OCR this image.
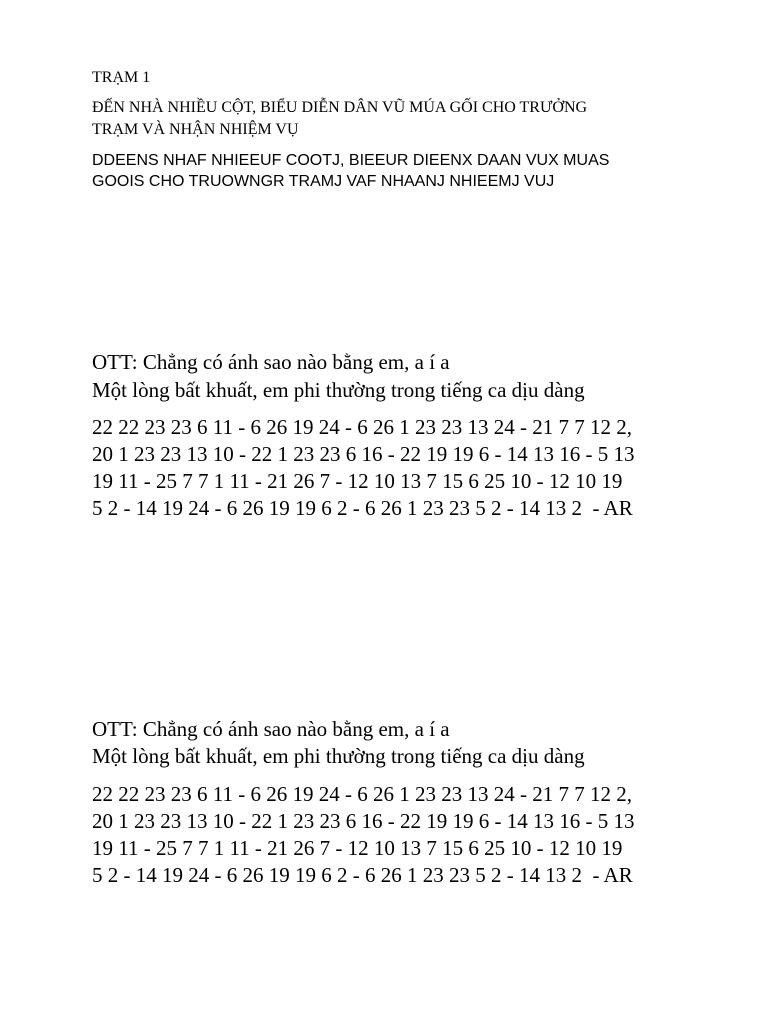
TRẠM 1
ĐẾN NHÀ NHIỀU CỘT, BIỂU DIỄN DÂN VŨ MÚA GỐI CHO TRƯỞNG
TRẠM VÀ NHẬN NHIỆM VỤ
DDEENS NHAF NHIEEUF COOTJ, BIEEUR DIEENX DAAN VUX MUAS
GOOIS CHO TRUOWNGR TRAMJ VAF NHAANJ NHIEEMJ VUJ
OTT: Chẳng có ánh sao nào bằng em, a í a
Một lòng bất khuất, em phi thường trong tiếng ca dịu dàng
22 22 23 23 6 11 - 6 26 19 24 - 6 26 1 23 23 13 24 - 21 7 7 12 2,
20 1 23 23 13 10 - 22 1 23 23 6 16 - 22 19 19 6 - 14 13 16 - 5 13
19 11 - 25 7 7 1 11 - 21 26 7 - 12 10 13 7 15 6 25 10 - 12 10 19
5 2 - 14 19 24 - 6 26 19 19 6 2 - 6 26 1 23 23 5 2 - 14 13 2  - AR
OTT: Chẳng có ánh sao nào bằng em, a í a
Một lòng bất khuất, em phi thường trong tiếng ca dịu dàng
22 22 23 23 6 11 - 6 26 19 24 - 6 26 1 23 23 13 24 - 21 7 7 12 2,
20 1 23 23 13 10 - 22 1 23 23 6 16 - 22 19 19 6 - 14 13 16 - 5 13
19 11 - 25 7 7 1 11 - 21 26 7 - 12 10 13 7 15 6 25 10 - 12 10 19
5 2 - 14 19 24 - 6 26 19 19 6 2 - 6 26 1 23 23 5 2 - 14 13 2  - AR
